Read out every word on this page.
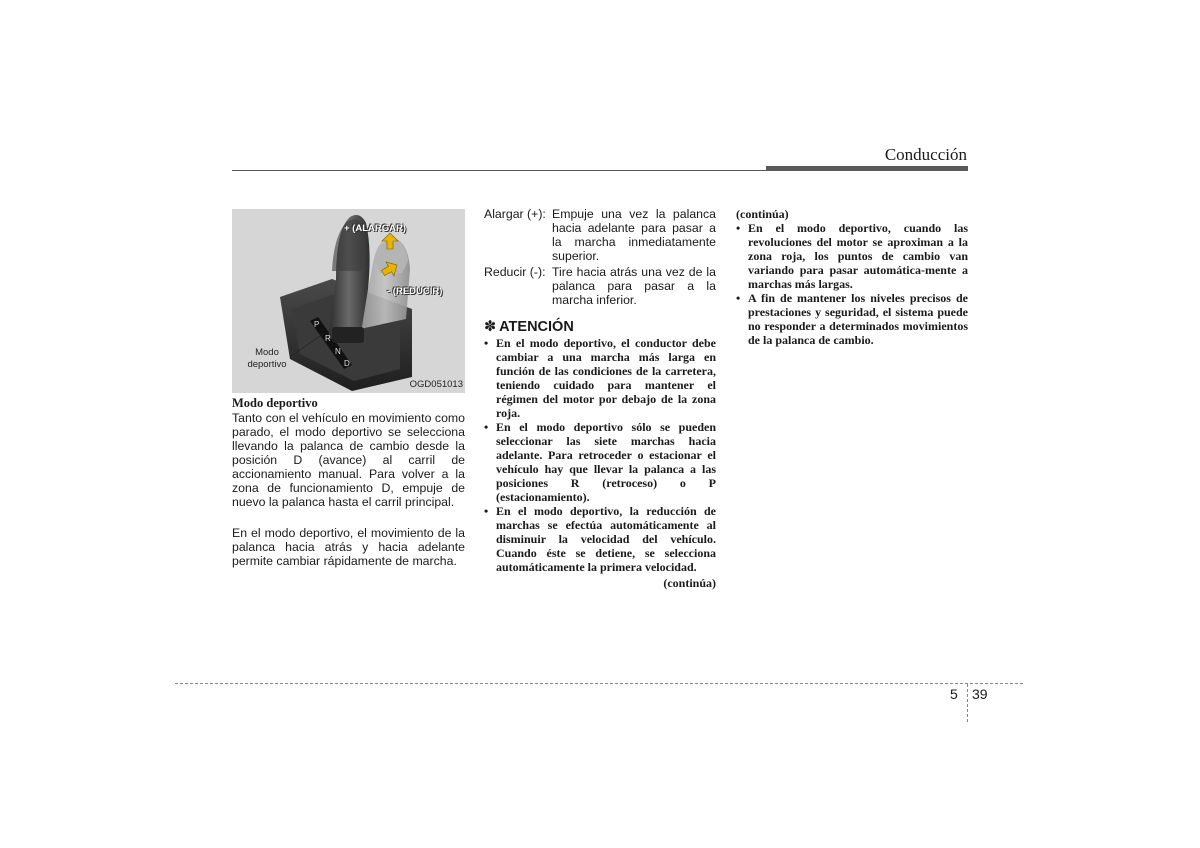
Conducción
P
R
N
D
+ (ALARGAR)
- (REDUCIR)
Modo
deportivo
OGD051013
Modo deportivo

Tanto con el vehículo en movimiento como parado, el modo deportivo se selecciona llevando la palanca de cambio desde la posición D (avance) al carril de accionamiento manual. Para volver a la zona de funcionamiento D, empuje de nuevo la palanca hasta el carril principal.

En el modo deportivo, el movimiento de la palanca hacia atrás y hacia adelante permite cambiar rápidamente de marcha.

Alargar (+): Empuje una vez la palanca hacia adelante para pasar a la marcha inmediatamente superior.
Reducir (-): Tire hacia atrás una vez de la palanca para pasar a la marcha inferior.
✽ ATENCIÓN
• En el modo deportivo, el conductor debe cambiar a una marcha más larga en función de las condiciones de la carretera, teniendo cuidado para mantener el régimen del motor por debajo de la zona roja.
• En el modo deportivo sólo se pueden seleccionar las siete marchas hacia adelante. Para retroceder o estacionar el vehículo hay que llevar la palanca a las posiciones R (retroceso) o P (estacionamiento).
• En el modo deportivo, la reducción de marchas se efectúa automáticamente al disminuir la velocidad del vehículo. Cuando éste se detiene, se selecciona automáticamente la primera velocidad.
(continúa)
(continúa)
• En el modo deportivo, cuando las revoluciones del motor se aproximan a la zona roja, los puntos de cambio van variando para pasar automática-mente a marchas más largas.
• A fin de mantener los niveles precisos de prestaciones y seguridad, el sistema puede no responder a determinados movimientos de la palanca de cambio.
5 39
